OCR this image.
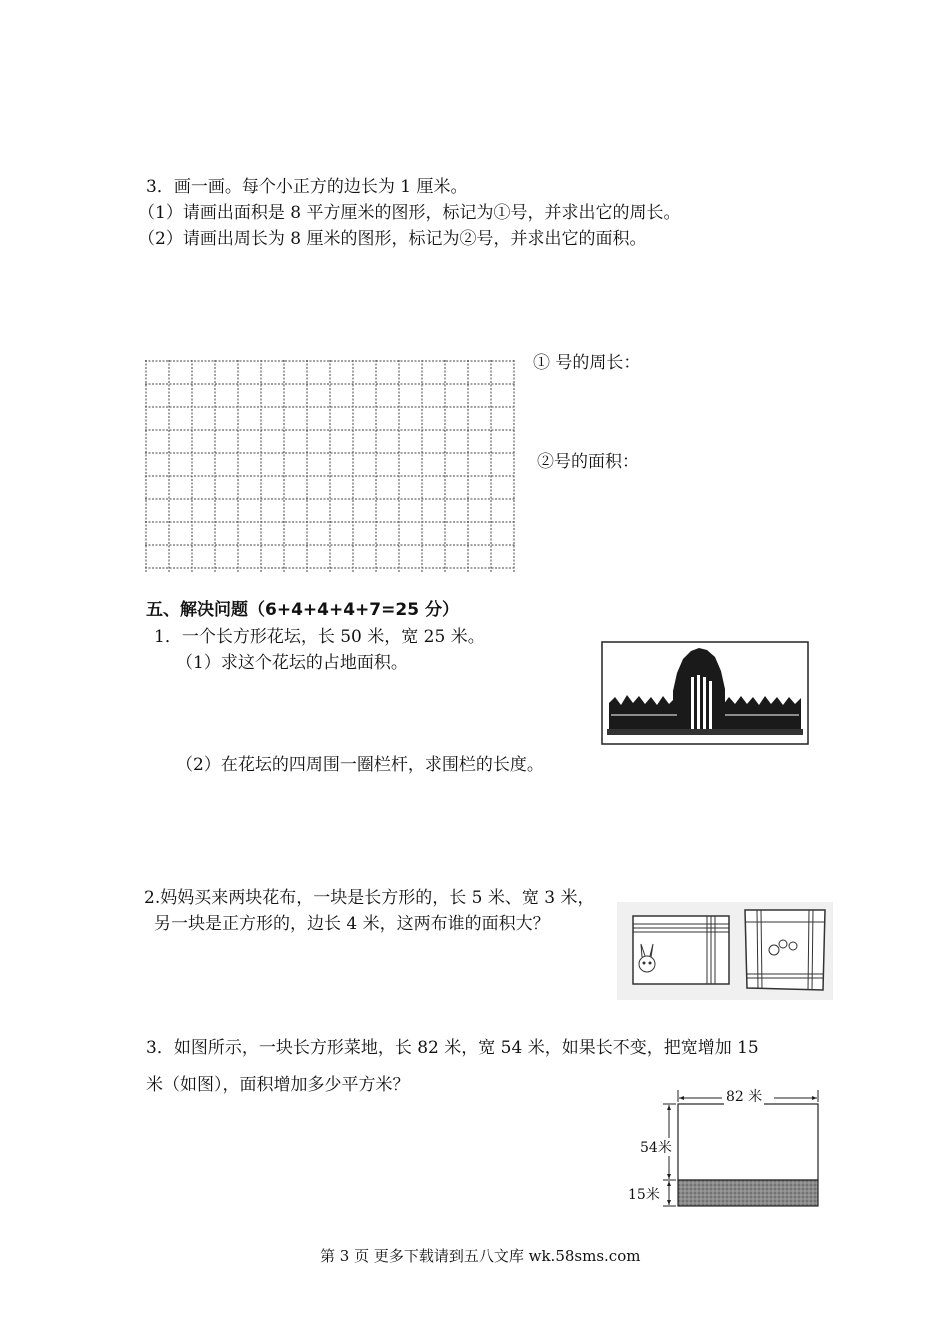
3．画一画。每个小正方的边长为 1 厘米。
（1）请画出面积是 8 平方厘米的图形，标记为①号，并求出它的周长。
（2）请画出周长为 8 厘米的图形，标记为②号，并求出它的面积。
① 号的周长：
②号的面积：
五、解决问题（6+4+4+4+7=25 分）
1．一个长方形花坛，长 50 米，宽 25 米。
（1）求这个花坛的占地面积。
（2）在花坛的四周围一圈栏杆，求围栏的长度。
2.妈妈买来两块花布，一块是长方形的，长 5 米、宽 3 米，
另一块是正方形的，边长 4 米，这两布谁的面积大？
3．如图所示，一块长方形菜地，长 82 米，宽 54 米，如果长不变，把宽增加 15
米（如图），面积增加多少平方米？
82 米
54米
15米
第 3 页 更多下载请到五八文库 wk.58sms.com
